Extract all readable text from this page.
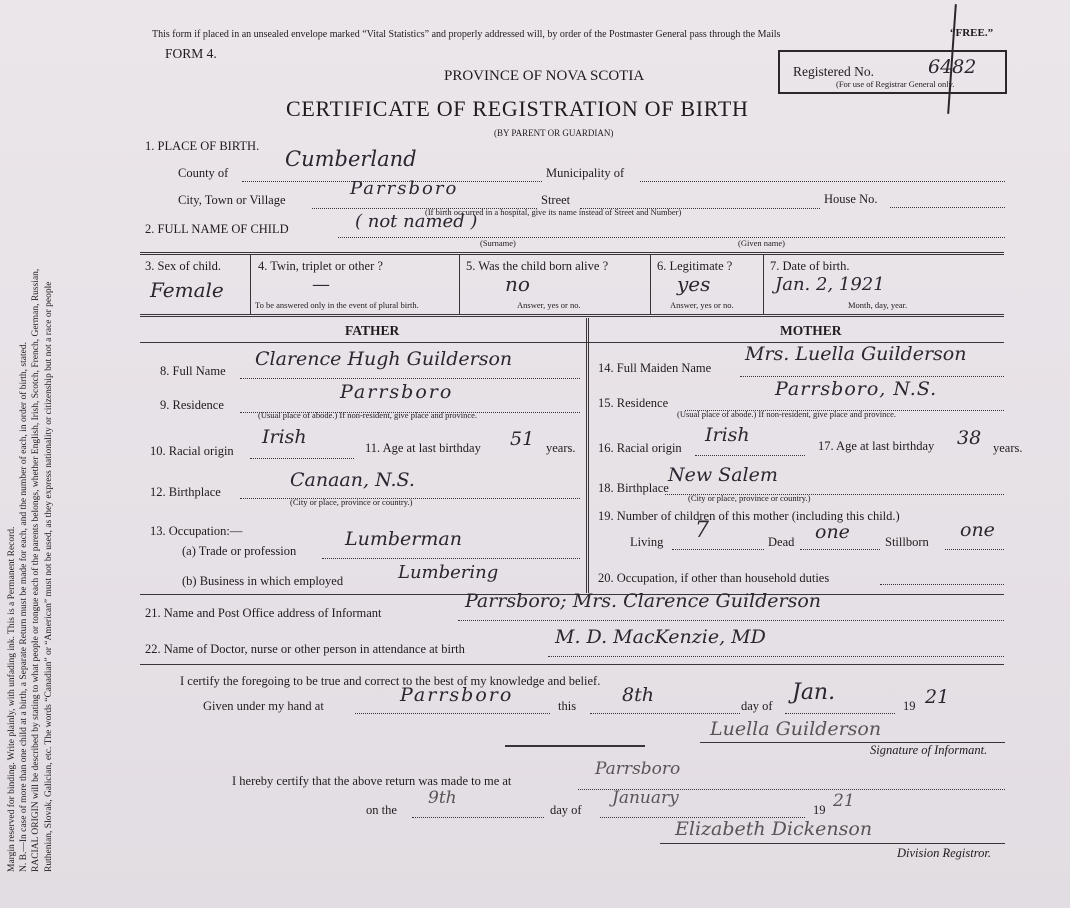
Margin reserved for binding. Write plainly, with unfading ink. This is a Permanent Record. N. B.—In case of more than one child at a birth, a Separate Return must be made for each, and the number of each, in order of birth, stated. RACIAL ORIGIN will be described by stating to what people or tongue each of the parents belongs, whether English, Irish, Scotch, French, German, Russian, Ruthenian, Slovak, Galician, etc. The words “Canadian” or “American” must not be used, as they express nationality or citizenship but not a race or people
This form if placed in an unsealed envelope marked “Vital Statistics” and properly addressed will, by order of the Postmaster General pass through the Mails	“FREE.”
FORM 4.
PROVINCE OF NOVA SCOTIA
CERTIFICATE OF REGISTRATION OF BIRTH
(BY PARENT OR GUARDIAN)
Registered No.
(For use of Registrar General only.
6482
1. PLACE OF BIRTH.
County of
Cumberland
Municipality of
City, Town or Village
Parrsboro
Street	House No.
(If birth occurred in a hospital, give its name instead of Street and Number)
2. FULL NAME OF CHILD	( not named )
(Surname)	(Given name)
3. Sex of child.
Female
4. Twin, triplet or other ?
—
To be answered only in the event of plural birth.
5. Was the child born alive ?
no
Answer, yes or no.
6. Legitimate ?
yes
Answer, yes or no.
7. Date of birth.
Jan. 2, 1921
Month, day, year.
FATHER	MOTHER
8. Full Name
Clarence Hugh Guilderson
9. Residence
Parrsboro
(Usual place of abode.) If non-resident, give place and province.
10. Racial origin
Irish	11. Age at last birthday 51 years.
12. Birthplace
Canaan, N.S.
(City or place, province or country.)
13. Occupation:—
(a) Trade or profession
Lumberman
(b) Business in which employed	Lumbering
14. Full Maiden Name
Mrs. Luella Guilderson
15. Residence
Parrsboro, N.S.
(Usual place of abode.) If non-resident, give place and province.
16. Racial origin
Irish	17. Age at last birthday 38 years.
18. Birthplace
New Salem
(City or place, province or country.)
19. Number of children of this mother (including this child.)
Living 7	Dead one	Stillborn
one
20. Occupation, if other than household duties
21. Name and Post Office address of Informant
Parrsboro; Mrs. Clarence Guilderson
22. Name of Doctor, nurse or other person in attendance at birth
M. D. MacKenzie, MD
I certify the foregoing to be true and correct to the best of my knowledge and belief.
Given under my hand at	Parrsboro	this 8th	day of
Jan.
19 21
Luella Guilderson
Signature of Informant.
I hereby certify that the above return was made to me at
Parrsboro
on the
9th
day of
January
19 21
Elizabeth Dickenson
Division Registror.
